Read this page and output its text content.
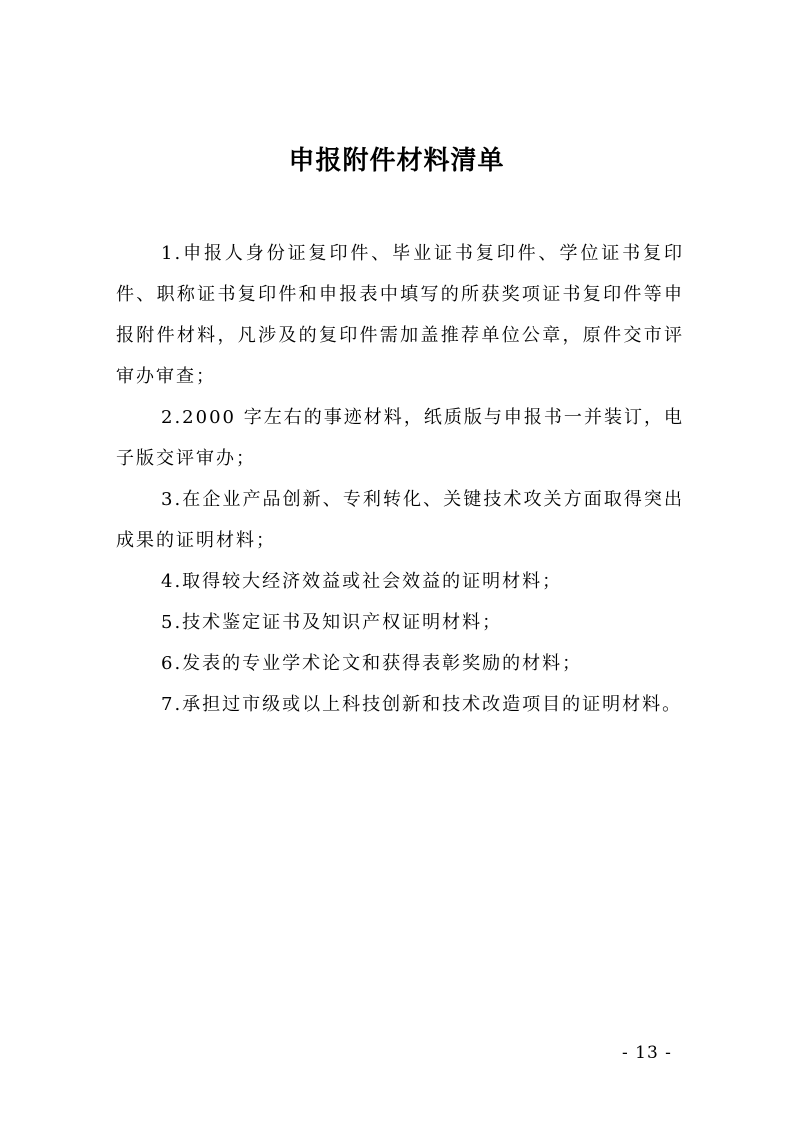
申报附件材料清单

1.申报人身份证复印件、毕业证书复印件、学位证书复印件、职称证书复印件和申报表中填写的所获奖项证书复印件等申报附件材料，凡涉及的复印件需加盖推荐单位公章，原件交市评审办审查；

2.2000 字左右的事迹材料，纸质版与申报书一并装订，电子版交评审办；

3.在企业产品创新、专利转化、关键技术攻关方面取得突出成果的证明材料；

4.取得较大经济效益或社会效益的证明材料；

5.技术鉴定证书及知识产权证明材料；

6.发表的专业学术论文和获得表彰奖励的材料；

7.承担过市级或以上科技创新和技术改造项目的证明材料。

- 13 -
